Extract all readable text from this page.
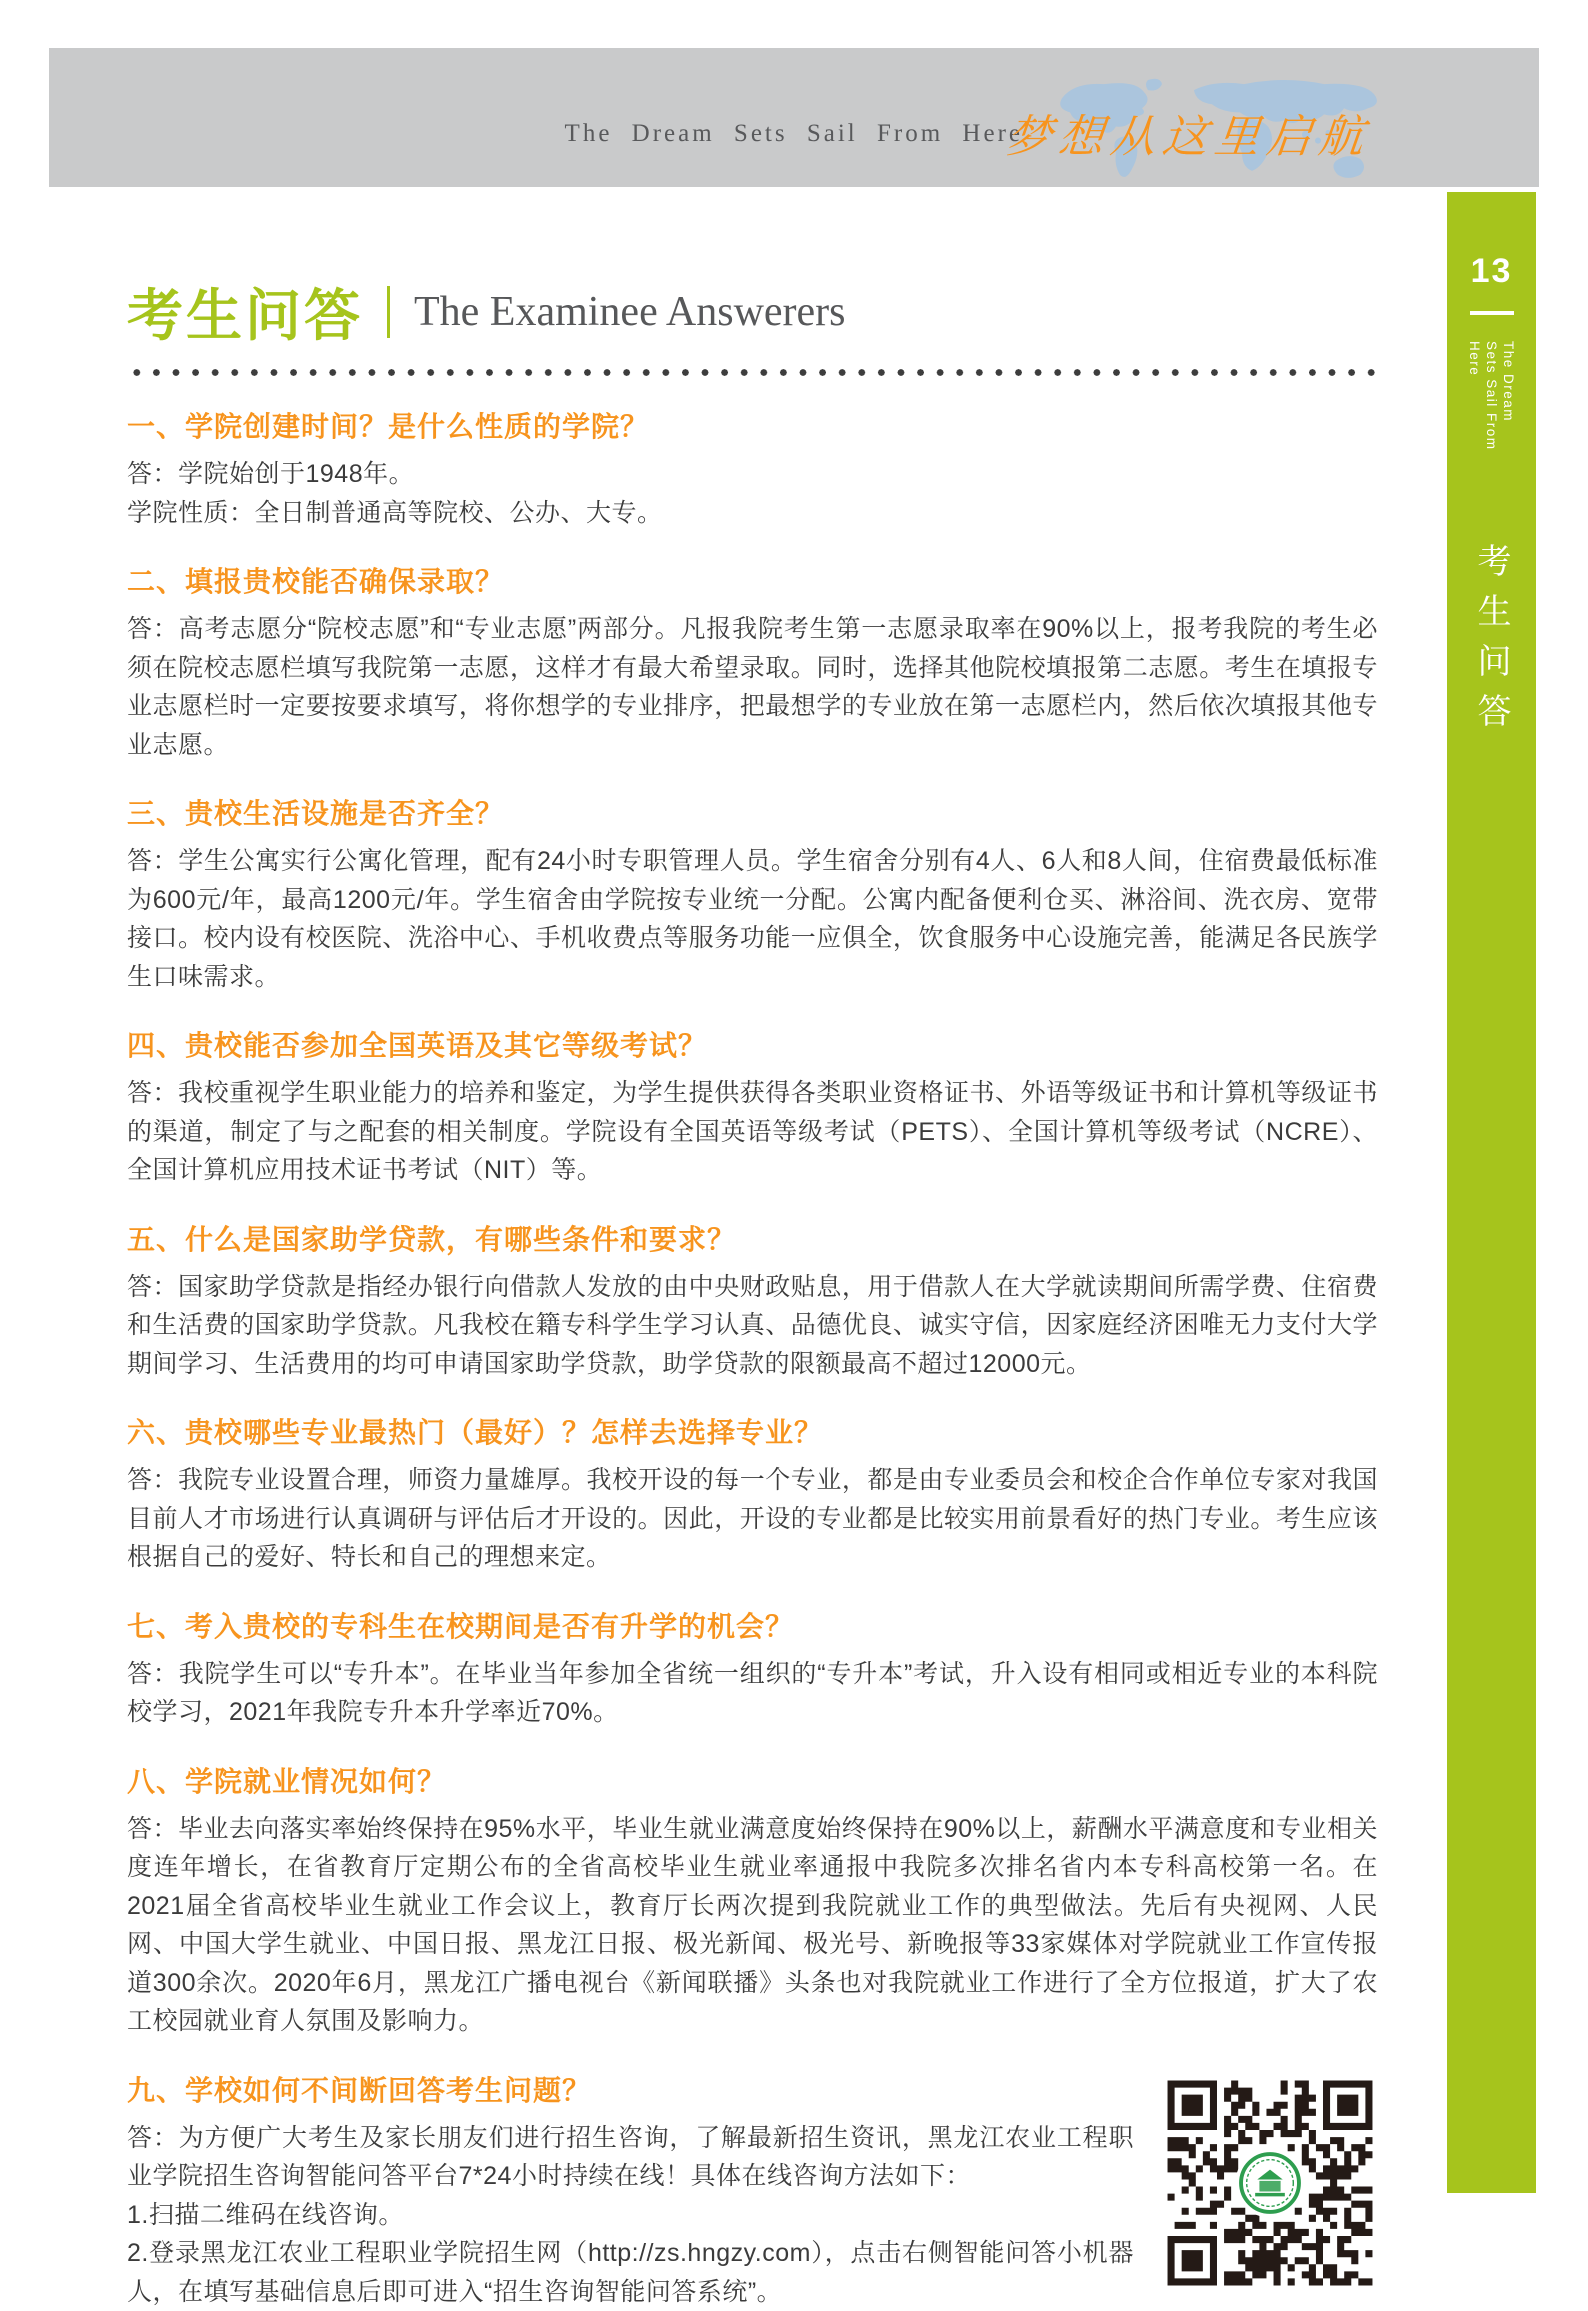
The Dream Sets Sail From Here
梦想从这里启航
13
The Dream
Sets Sail From Here
考生问答
考生问答 The Examinee Answerers
一、学院创建时间？是什么性质的学院？

答：学院始创于1948年。

学院性质：全日制普通高等院校、公办、大专。

二、填报贵校能否确保录取？

答：高考志愿分“院校志愿”和“专业志愿”两部分。凡报我院考生第一志愿录取率在90%以上，报考我院的考生必须在院校志愿栏填写我院第一志愿，这样才有最大希望录取。同时，选择其他院校填报第二志愿。考生在填报专业志愿栏时一定要按要求填写，将你想学的专业排序，把最想学的专业放在第一志愿栏内，然后依次填报其他专业志愿。

三、贵校生活设施是否齐全？

答：学生公寓实行公寓化管理，配有24小时专职管理人员。学生宿舍分别有4人、6人和8人间，住宿费最低标准为600元/年，最高1200元/年。学生宿舍由学院按专业统一分配。公寓内配备便利仓买、淋浴间、洗衣房、宽带接口。校内设有校医院、洗浴中心、手机收费点等服务功能一应俱全，饮食服务中心设施完善，能满足各民族学生口味需求。

四、贵校能否参加全国英语及其它等级考试？

答：我校重视学生职业能力的培养和鉴定，为学生提供获得各类职业资格证书、外语等级证书和计算机等级证书的渠道，制定了与之配套的相关制度。学院设有全国英语等级考试（PETS）、全国计算机等级考试（NCRE）、全国计算机应用技术证书考试（NIT）等。

五、什么是国家助学贷款，有哪些条件和要求？

答：国家助学贷款是指经办银行向借款人发放的由中央财政贴息，用于借款人在大学就读期间所需学费、住宿费和生活费的国家助学贷款。凡我校在籍专科学生学习认真、品德优良、诚实守信，因家庭经济困唯无力支付大学期间学习、生活费用的均可申请国家助学贷款，助学贷款的限额最高不超过12000元。

六、贵校哪些专业最热门（最好）？怎样去选择专业？

答：我院专业设置合理，师资力量雄厚。我校开设的每一个专业，都是由专业委员会和校企合作单位专家对我国目前人才市场进行认真调研与评估后才开设的。因此，开设的专业都是比较实用前景看好的热门专业。考生应该根据自己的爱好、特长和自己的理想来定。

七、考入贵校的专科生在校期间是否有升学的机会？

答：我院学生可以“专升本”。在毕业当年参加全省统一组织的“专升本”考试，升入设有相同或相近专业的本科院校学习，2021年我院专升本升学率近70%。

八、学院就业情况如何？

答：毕业去向落实率始终保持在95%水平，毕业生就业满意度始终保持在90%以上，薪酬水平满意度和专业相关度连年增长，在省教育厅定期公布的全省高校毕业生就业率通报中我院多次排名省内本专科高校第一名。在2021届全省高校毕业生就业工作会议上，教育厅长两次提到我院就业工作的典型做法。先后有央视网、人民网、中国大学生就业、中国日报、黑龙江日报、极光新闻、极光号、新晚报等33家媒体对学院就业工作宣传报道300余次。2020年6月，黑龙江广播电视台《新闻联播》头条也对我院就业工作进行了全方位报道，扩大了农工校园就业育人氛围及影响力。

九、学校如何不间断回答考生问题？

答：为方便广大考生及家长朋友们进行招生咨询，了解最新招生资讯，黑龙江农业工程职业学院招生咨询智能问答平台7*24小时持续在线！具体在线咨询方法如下：

1.扫描二维码在线咨询。

2.登录黑龙江农业工程职业学院招生网（http://zs.hngzy.com），点击右侧智能问答小机器人，在填写基础信息后即可进入“招生咨询智能问答系统”。
